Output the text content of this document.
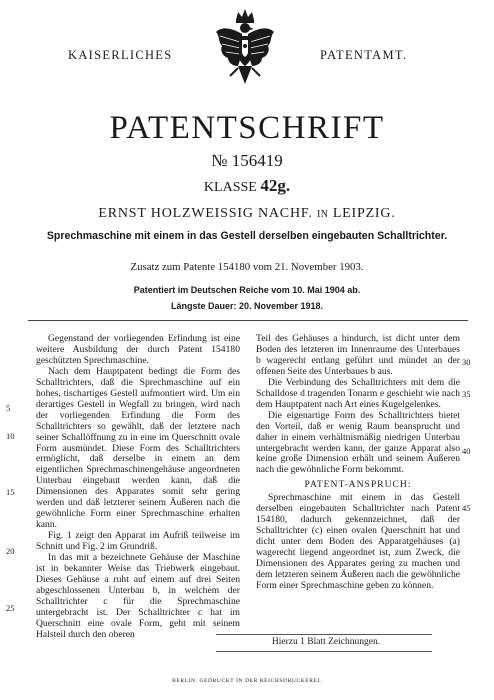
KAISERLICHES	PATENTAMT.
PATENTSCHRIFT
№ 156419
KLASSE 42g.
ERNST HOLZWEISSIG NACHF. IN LEIPZIG.
Sprechmaschine mit einem in das Gestell derselben eingebauten Schalltrichter.
Zusatz zum Patente 154180 vom 21. November 1903.
Patentiert im Deutschen Reiche vom 10. Mai 1904 ab.
Längste Dauer: 20. November 1918.
5
10
15
20
25
30
35
40
45

Gegenstand der vorliegenden Erfindung ist eine weitere Ausbildung der durch Patent 154180 geschützten Sprechmaschine.

Nach dem Hauptpatent bedingt die Form des Schalltrichters, daß die Sprechmaschine auf ein hohes, tischartiges Gestell aufmontiert wird. Um ein derartiges Gestell in Wegfall zu bringen, wird nach der vorliegenden Erfindung die Form des Schalltrichters so gewählt, daß der letztere nach seiner Schallöffnung zu in eine im Querschnitt ovale Form ausmündet. Diese Form des Schalltrichters ermöglicht, daß derselbe in einem an dem eigentlichen Sprechmaschinengehäuse angeordneten Unterbau eingebaut werden kann, daß die Dimensionen des Apparates somit sehr gering werden und daß letzterer seinem Äußeren nach die gewöhnliche Form einer Sprechmaschine erhalten kann.

Fig. 1 zeigt den Apparat im Aufriß teilweise im Schnitt und Fig. 2 im Grundriß.

In das mit a bezeichnete Gehäuse der Maschine ist in bekannter Weise das Triebwerk eingebaut. Dieses Gehäuse a ruht auf einem auf drei Seiten abgeschlossenen Unterbau b, in welchem der Schalltrichter c für die Sprechmaschine untergebracht ist. Der Schalltrichter c hat im Querschnitt eine ovale Form, geht mit seinem Halsteil durch den oberen

Teil des Gehäuses a hindurch, ist dicht unter dem Boden des letzteren im Innenraume des Unterbaues b wagerecht entlang geführt und mündet an der offenen Seite des Unterbaues b aus.

Die Verbindung des Schalltrichters mit dem die Schalldose d tragenden Tonarm e geschieht wie nach dem Hauptpatent nach Art eines Kugelgelenkes.

Die eigenartige Form des Schalltrichters bietet den Vorteil, daß er wenig Raum beansprucht und daher in einem verhältnismäßig niedrigen Unterbau untergebracht werden kann, der ganze Apparat also keine große Dimension erhält und seinem Äußeren nach die gewöhnliche Form bekommt.

PATENT-ANSPRUCH:

Sprechmaschine mit einem in das Gestell derselben eingebauten Schalltrichter nach Patent 154180, dadurch gekennzeichnet, daß der Schalltrichter (c) einen ovalen Querschnitt hat und dicht unter dem Boden des Apparatgehäuses (a) wagerecht liegend angeordnet ist, zum Zweck, die Dimensionen des Apparates gering zu machen und dem letzteren seinem Äußeren nach die gewöhnliche Form einer Sprechmaschine geben zu können.

Hierzu 1 Blatt Zeichnungen.
BERLIN. GEDRUCKT IN DER REICHSDRUCKEREI.
